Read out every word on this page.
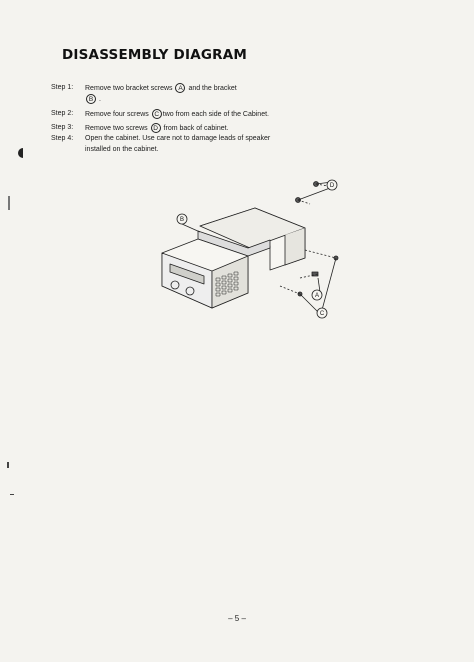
DISASSEMBLY DIAGRAM
Step 1:	Remove two bracket screws A and the bracket
B .
Step 2:	Remove four screws C two from each side of the Cabinet.
Step 3:	Remove two screws D from back of cabinet.
Step 4:	Open the cabinet. Use care not to damage leads of speaker installed on the cabinet.
B
D
A
C
– 5 –
